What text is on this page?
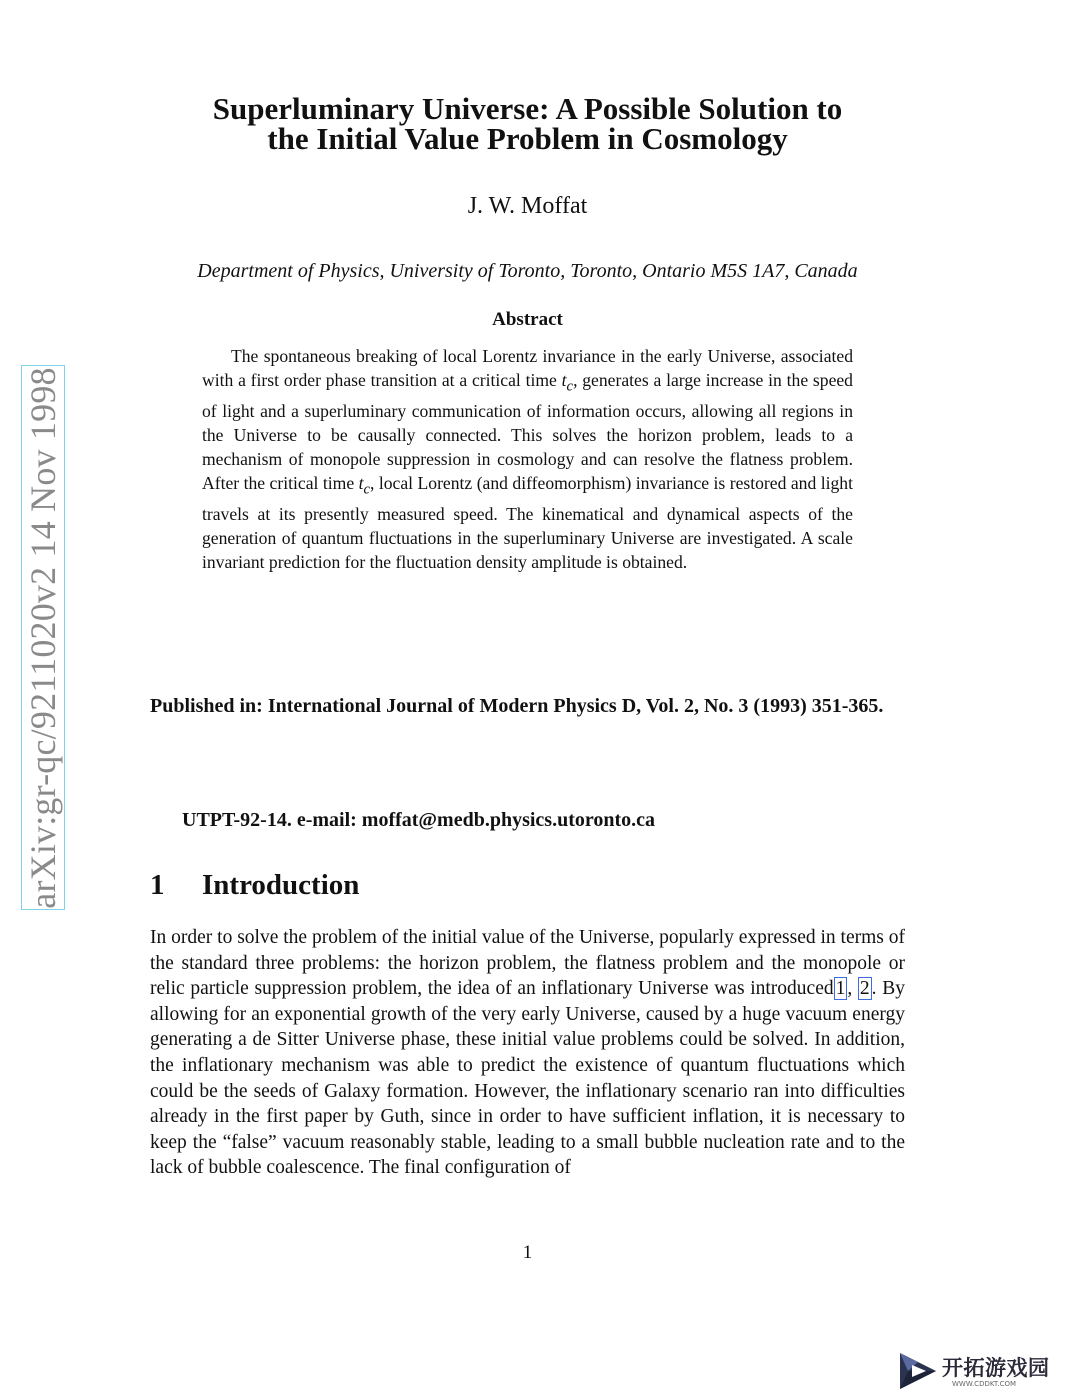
arXiv:gr-qc/9211020v2 14 Nov 1998
Superluminary Universe: A Possible Solution to
the Initial Value Problem in Cosmology
J. W. Moffat
Department of Physics, University of Toronto, Toronto, Ontario M5S 1A7, Canada
Abstract

The spontaneous breaking of local Lorentz invariance in the early Universe, associated with a first order phase transition at a critical time $t_c$, generates a large increase in the speed of light and a superluminary communication of information occurs, allowing all regions in the Universe to be causally connected. This solves the horizon problem, leads to a mechanism of monopole suppression in cosmology and can resolve the flatness problem. After the critical time $t_c$, local Lorentz (and diffeomorphism) invariance is restored and light travels at its presently measured speed. The kinematical and dynamical aspects of the generation of quantum fluctuations in the superluminary Universe are investigated. A scale invariant prediction for the fluctuation density amplitude is obtained.

Published in: International Journal of Modern Physics D, Vol. 2, No. 3 (1993) 351-365.

UTPT-92-14. e-mail: moffat@medb.physics.utoronto.ca
1 Introduction

In order to solve the problem of the initial value of the Universe, popularly expressed in terms of the standard three problems: the horizon problem, the flatness problem and the monopole or relic particle suppression problem, the idea of an inflationary Universe was introduced 1 , 2 . By allowing for an exponential growth of the very early Universe, caused by a huge vacuum energy generating a de Sitter Universe phase, these initial value problems could be solved. In addition, the inflationary mechanism was able to predict the existence of quantum fluctuations which could be the seeds of Galaxy formation. However, the inflationary scenario ran into difficulties already in the first paper by Guth, since in order to have sufficient inflation, it is necessary to keep the “false” vacuum reasonably stable, leading to a small bubble nucleation rate and to the lack of bubble coalescence. The final configuration of

1
开拓游戏园
WWW.CDDKT.COM
